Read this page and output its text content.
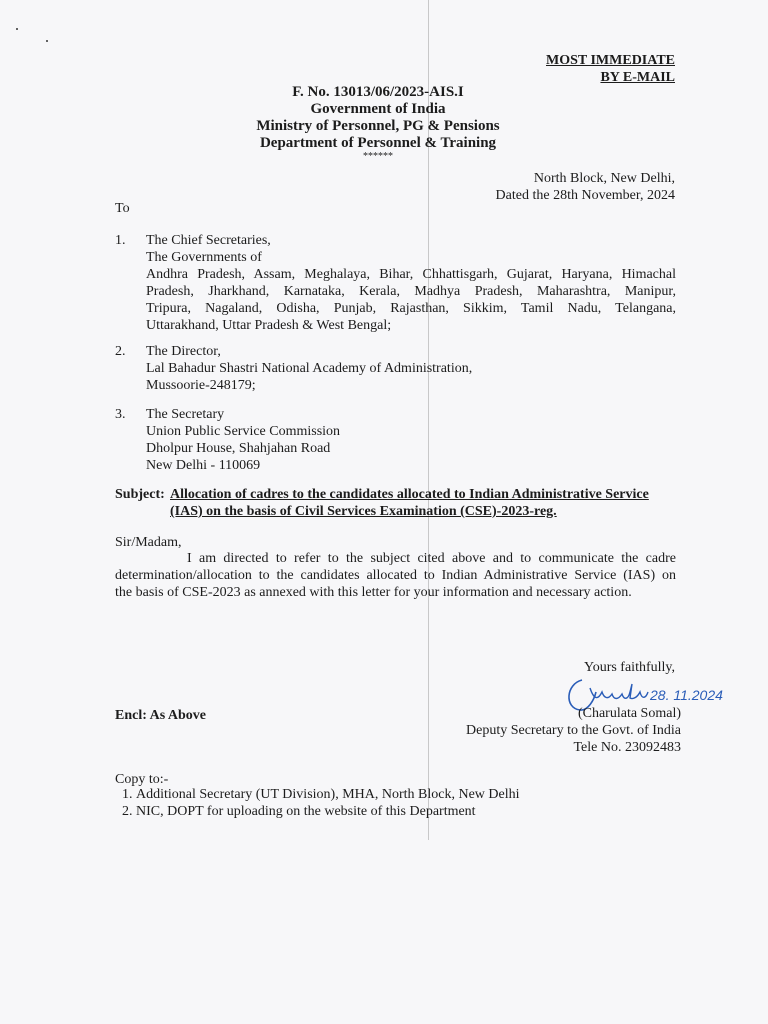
MOST IMMEDIATE
BY E-MAIL
F. No. 13013/06/2023-AIS.I
Government of India
Ministry of Personnel, PG & Pensions
Department of Personnel & Training
******
North Block, New Delhi,
Dated the 28th November, 2024
To
1. The Chief Secretaries,
The Governments of
Andhra Pradesh, Assam, Meghalaya, Bihar, Chhattisgarh, Gujarat, Haryana, Himachal
Pradesh, Jharkhand, Karnataka, Kerala, Madhya Pradesh, Maharashtra, Manipur,
Tripura, Nagaland, Odisha, Punjab, Rajasthan, Sikkim, Tamil Nadu, Telangana,
Uttarakhand, Uttar Pradesh & West Bengal;
2. The Director,
Lal Bahadur Shastri National Academy of Administration,
Mussoorie-248179;
3. The Secretary
Union Public Service Commission
Dholpur House, Shahjahan Road
New Delhi - 110069
Subject: Allocation of cadres to the candidates allocated to Indian Administrative Service
(IAS) on the basis of Civil Services Examination (CSE)-2023-reg.
Sir/Madam,
I am directed to refer to the subject cited above and to communicate the cadre
determination/allocation to the candidates allocated to Indian Administrative Service (IAS) on
the basis of CSE-2023 as annexed with this letter for your information and necessary action.
Yours faithfully,
28. 11.2024
(Charulata Somal)
Deputy Secretary to the Govt. of India
Tele No. 23092483
Encl: As Above
Copy to:-
1. Additional Secretary (UT Division), MHA, North Block, New Delhi
2. NIC, DOPT for uploading on the website of this Department
